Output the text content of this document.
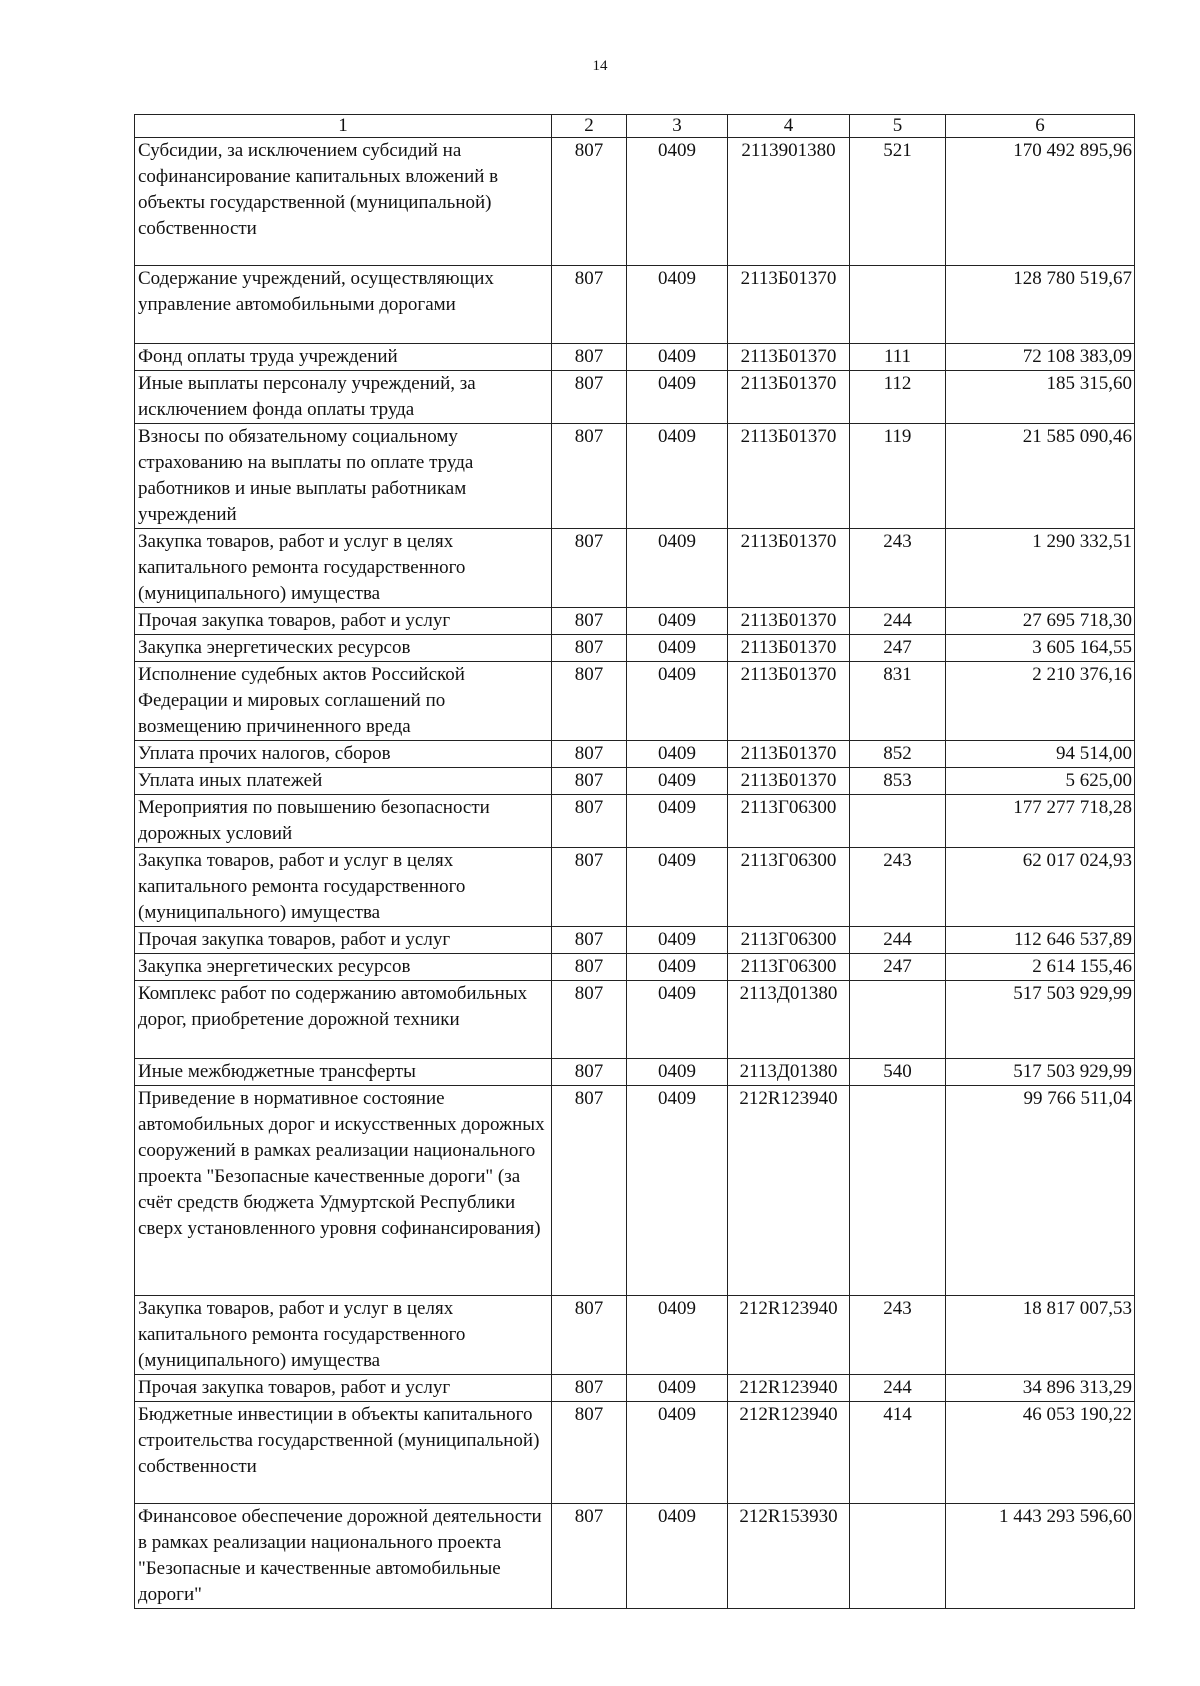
14
1	2	3	4	5	6
Субсидии, за исключением субсидий на софинансирование капитальных вложений в объекты государственной (муниципальной) собственности	807	0409	2113901380	521	170 492 895,96
Содержание учреждений, осуществляющих управление автомобильными дорогами	807	0409	2113Б01370		128 780 519,67
Фонд оплаты труда учреждений	807	0409	2113Б01370	111	72 108 383,09
Иные выплаты персоналу учреждений, за исключением фонда оплаты труда	807	0409	2113Б01370	112	185 315,60
Взносы по обязательному социальному страхованию на выплаты по оплате труда работников и иные выплаты работникам учреждений	807	0409	2113Б01370	119	21 585 090,46
Закупка товаров, работ и услуг в целях капитального ремонта государственного (муниципального) имущества	807	0409	2113Б01370	243	1 290 332,51
Прочая закупка товаров, работ и услуг	807	0409	2113Б01370	244	27 695 718,30
Закупка энергетических ресурсов	807	0409	2113Б01370	247	3 605 164,55
Исполнение судебных актов Российской Федерации и мировых соглашений по возмещению причиненного вреда	807	0409	2113Б01370	831	2 210 376,16
Уплата прочих налогов, сборов	807	0409	2113Б01370	852	94 514,00
Уплата иных платежей	807	0409	2113Б01370	853	5 625,00
Мероприятия по повышению безопасности дорожных условий	807	0409	2113Г06300		177 277 718,28
Закупка товаров, работ и услуг в целях капитального ремонта государственного (муниципального) имущества	807	0409	2113Г06300	243	62 017 024,93
Прочая закупка товаров, работ и услуг	807	0409	2113Г06300	244	112 646 537,89
Закупка энергетических ресурсов	807	0409	2113Г06300	247	2 614 155,46
Комплекс работ по содержанию автомобильных дорог, приобретение дорожной техники	807	0409	2113Д01380		517 503 929,99
Иные межбюджетные трансферты	807	0409	2113Д01380	540	517 503 929,99
Приведение в нормативное состояние автомобильных дорог и искусственных дорожных сооружений в рамках реализации национального проекта "Безопасные качественные дороги" (за счёт средств бюджета Удмуртской Республики сверх установленного уровня софинансирования)	807	0409	212R123940		99 766 511,04
Закупка товаров, работ и услуг в целях капитального ремонта государственного (муниципального) имущества	807	0409	212R123940	243	18 817 007,53
Прочая закупка товаров, работ и услуг	807	0409	212R123940	244	34 896 313,29
Бюджетные инвестиции в объекты капитального строительства государственной (муниципальной) собственности	807	0409	212R123940	414	46 053 190,22
Финансовое обеспечение дорожной деятельности в рамках реализации национального проекта "Безопасные и качественные автомобильные дороги"	807	0409	212R153930		1 443 293 596,60
